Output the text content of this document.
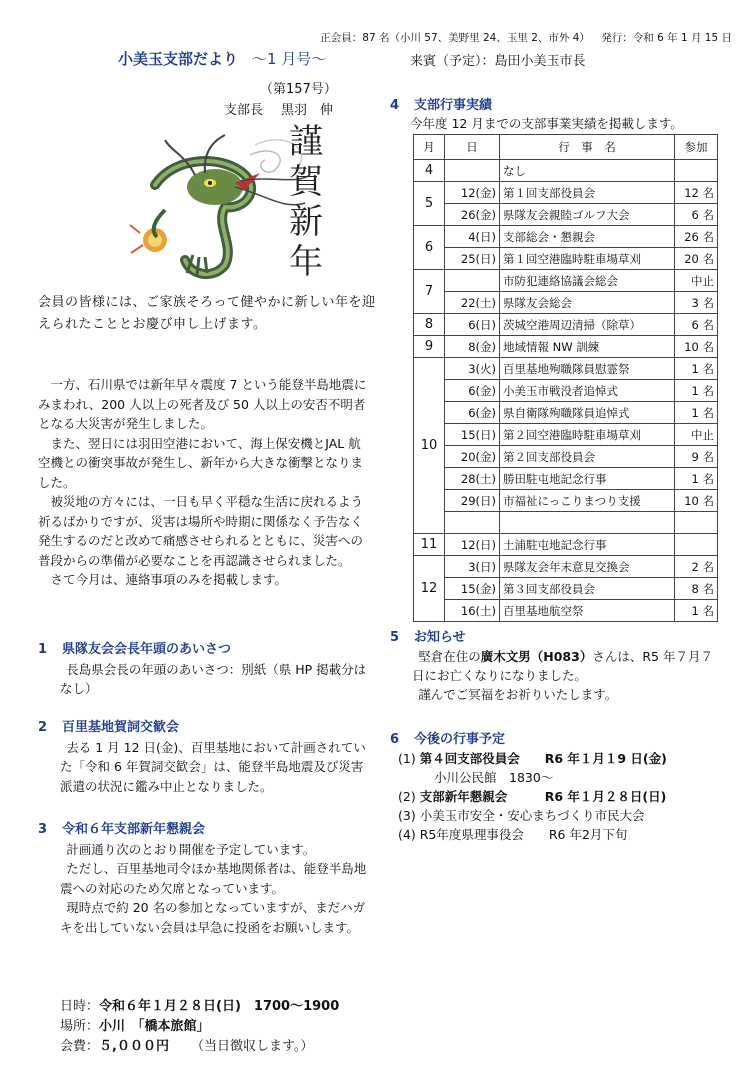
正会員：87 名（小川 57、美野里 24、玉里 2、市外 4） 発行：令和 6 年 1 月 15 日
小美玉支部だより ～1 月号～	来賓（予定）：島田小美玉市長
（第157号）
支部長 黒羽　伸
謹
賀
新
年
会員の皆様には、ご家族そろって健やかに新しい年を迎えられたこととお慶び申し上げます。

一方、石川県では新年早々震度 7 という能登半島地震にみまわれ、200 人以上の死者及び 50 人以上の安否不明者となる大災害が発生しました。

また、翌日には羽田空港において、海上保安機とJAL 航空機との衝突事故が発生し、新年から大きな衝撃となりました。

被災地の方々には、一日も早く平穏な生活に戻れるよう祈るばかりですが、災害は場所や時期に関係なく予告なく発生するのだと改めて痛感させられるとともに、災害への普段からの準備が必要なことを再認識させられました。

さて今月は、連絡事項のみを掲載します。

1 県隊友会会長年頭のあいさつ

長島県会長の年頭のあいさつ：別紙（県 HP 掲載分はなし）

2 百里基地賀詞交歓会

去る 1 月 12 日(金)、百里基地において計画されていた「令和 6 年賀詞交歓会」は、能登半島地震及び災害派遣の状況に鑑み中止となりました。

3 令和６年支部新年懇親会

計画通り次のとおり開催を予定しています。

ただし、百里基地司令ほか基地関係者は、能登半島地震への対応のため欠席となっています。

現時点で約 20 名の参加となっていますが、まだハガキを出していない会員は早急に投函をお願いします。

日時：令和６年１月２８日(日)　1700～1900
場所：小川　「橋本旅館」
会費：５,０００円 （当日徴収します。）
4 支部行事実績
今年度 12 月までの支部事業実績を掲載します。
月	日	行　事　名	参加
4		なし	
5	12(金)	第１回支部役員会	12 名
	26(金)	県隊友会親睦ゴルフ大会	6 名
6	4(日)	支部総会・懇親会	26 名
	25(日)	第１回空港臨時駐車場草刈	20 名
7		市防犯連絡協議会総会	中止
	22(土)	県隊友会総会	3 名
8	6(日)	茨城空港周辺清掃（除草）	6 名
9	8(金)	地域情報 NW 訓練	10 名
10	3(火)	百里基地殉職隊員慰霊祭	1 名
	6(金)	小美玉市戦没者追悼式	1 名
	6(金)	県自衛隊殉職隊員追悼式	1 名
	15(日)	第２回空港臨時駐車場草刈	中止
	20(金)	第２回支部役員会	9 名
	28(土)	勝田駐屯地記念行事	1 名
	29(日)	市福祉にっこりまつり支援	10 名

11	12(日)	土浦駐屯地記念行事	
12	3(日)	県隊友会年末意見交換会	2 名
	15(金)	第３回支部役員会	8 名
	16(土)	百里基地航空祭	1 名
5 お知らせ

堅倉在住の廣木文男（H083）さんは、R5 年７月７日にお亡くなりになりました。

謹んでご冥福をお祈りいたします。

6 今後の行事予定
(1) 第４回支部役員会　　R6 年１月１9 日(金)
小川公民館　1830～
(2) 支部新年懇親会　　　R6 年１月２８日(日)
(3) 小美玉市安全・安心まちづくり市民大会
(4) R5年度県理事役会　　R6 年2月下旬
